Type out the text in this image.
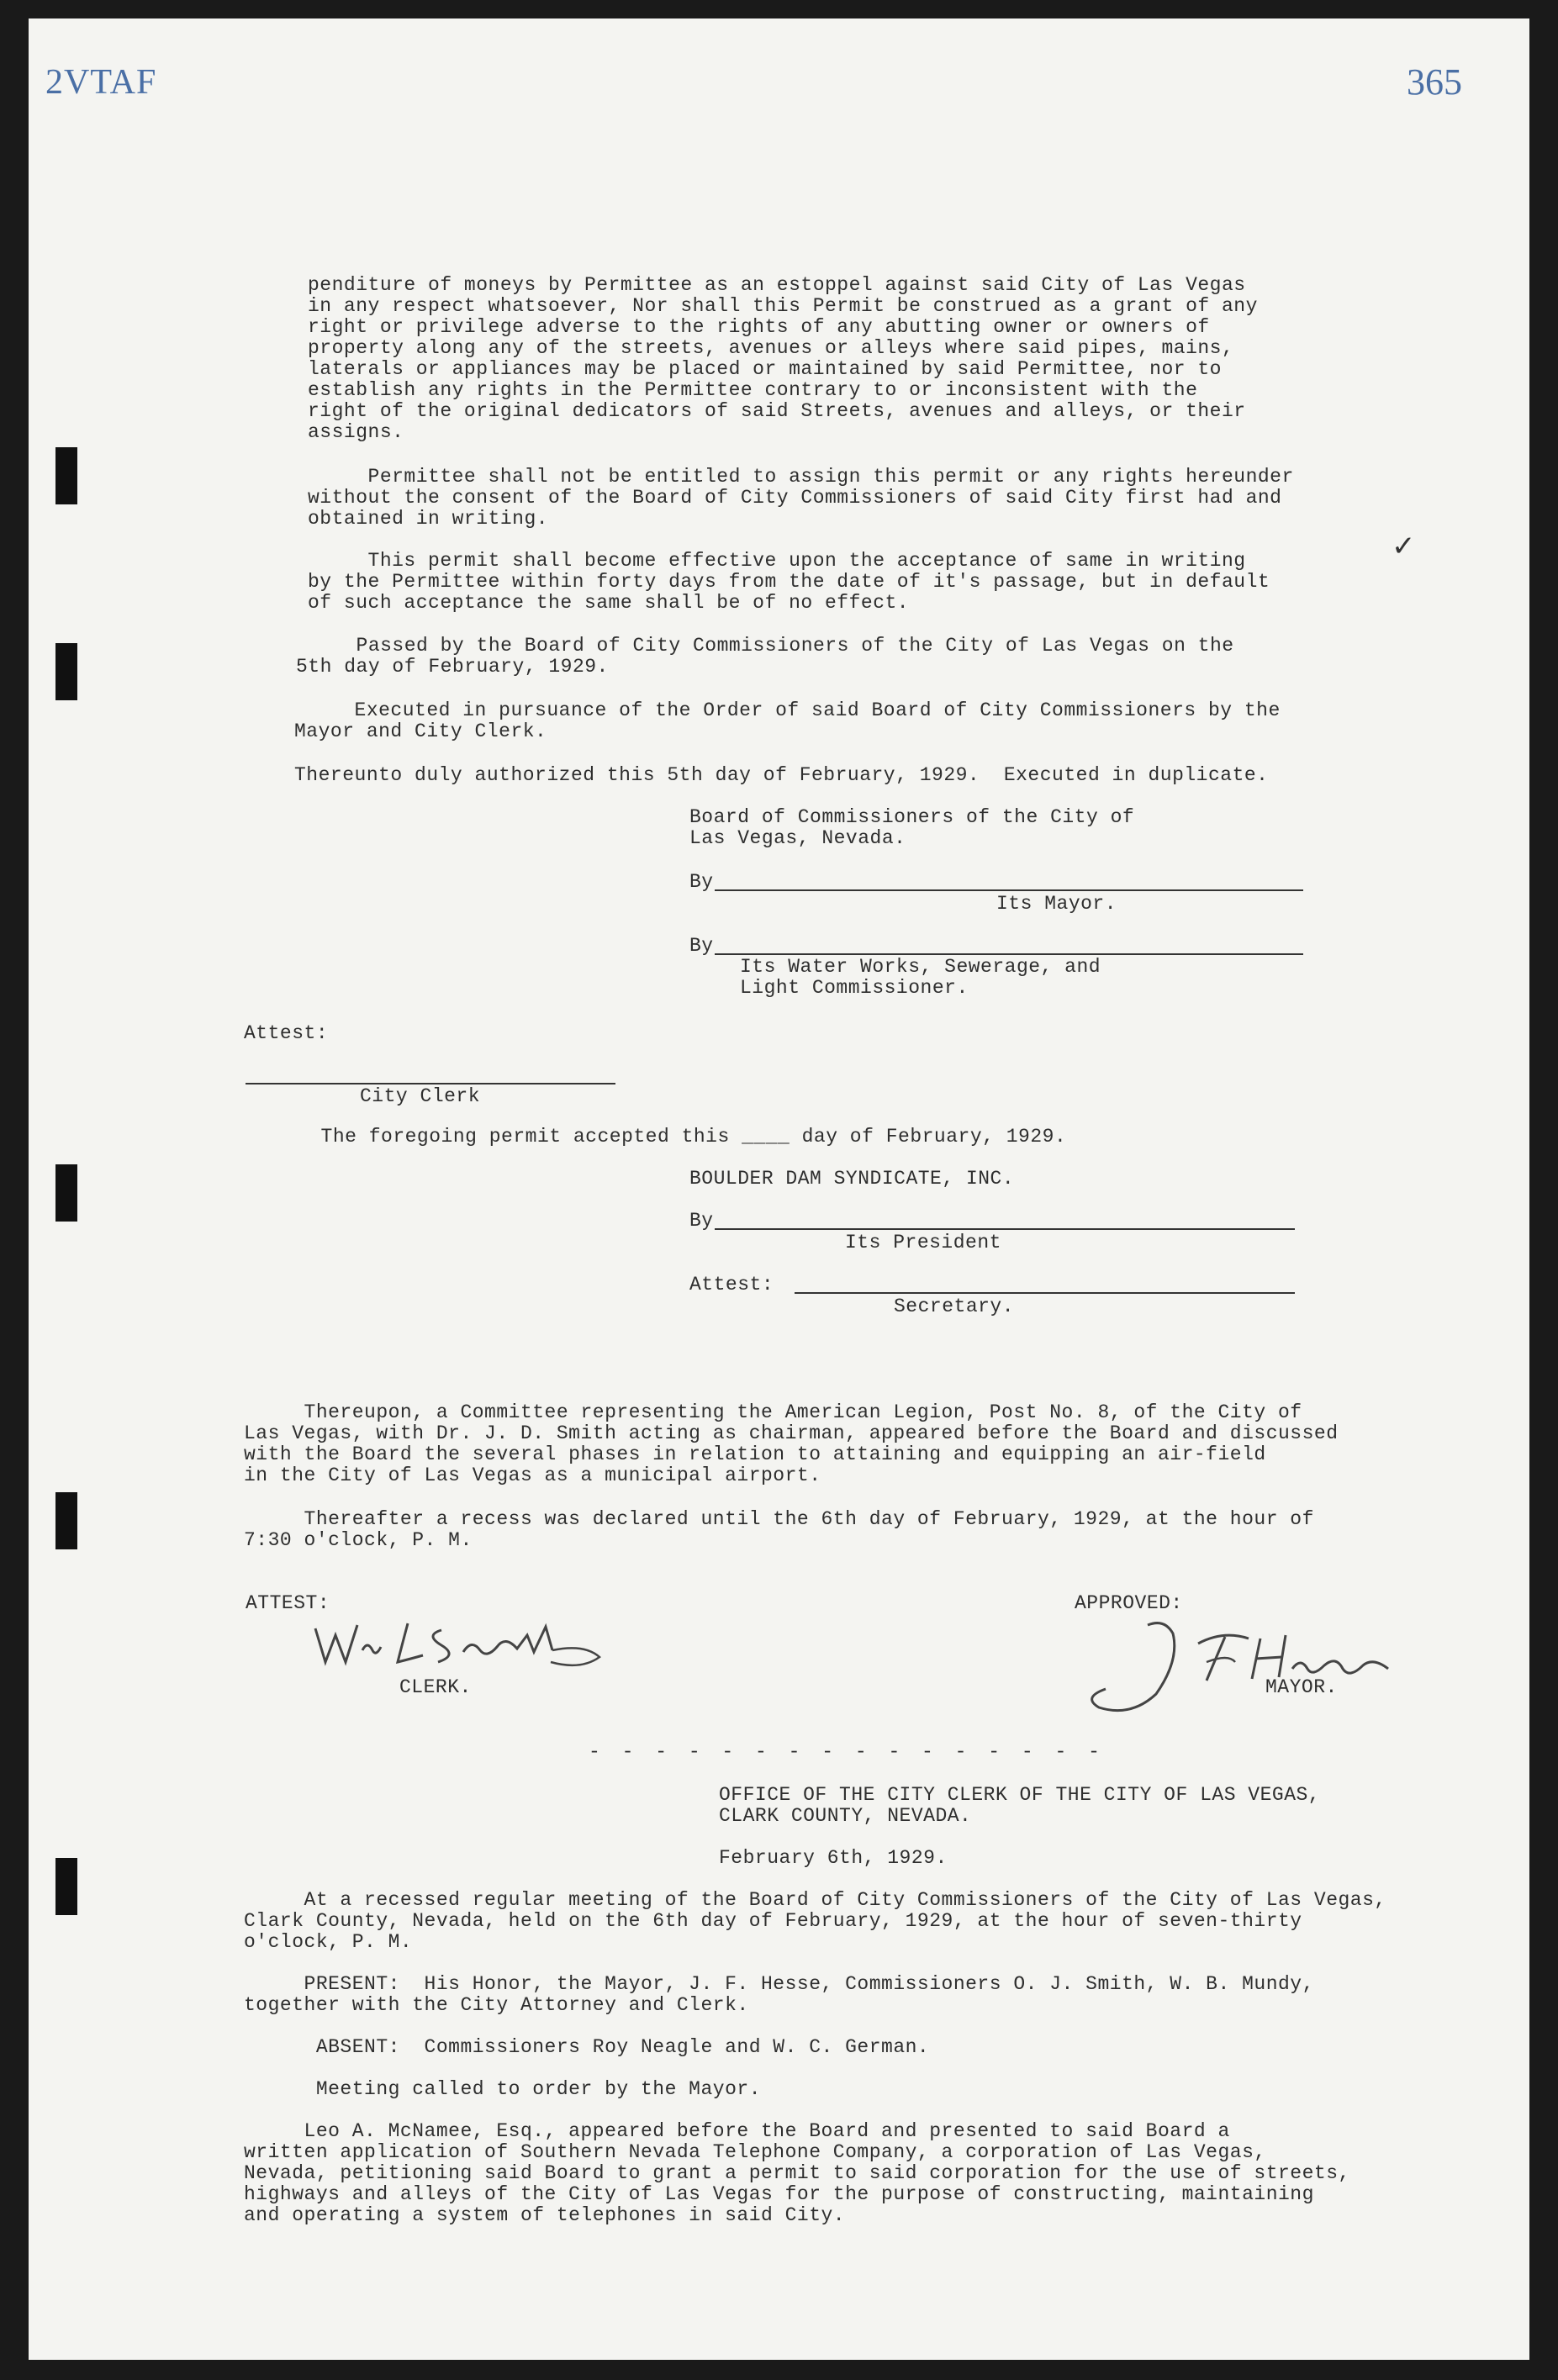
2VTAF	365
penditure of moneys by Permittee as an estoppel against said City of Las Vegas
in any respect whatsoever, Nor shall this Permit be construed as a grant of any
right or privilege adverse to the rights of any abutting owner or owners of
property along any of the streets, avenues or alleys where said pipes, mains,
laterals or appliances may be placed or maintained by said Permittee, nor to
establish any rights in the Permittee contrary to or inconsistent with the
right of the original dedicators of said Streets, avenues and alleys, or their
assigns.
Permittee shall not be entitled to assign this permit or any rights hereunder
without the consent of the Board of City Commissioners of said City first had and
obtained in writing.
✓
This permit shall become effective upon the acceptance of same in writing
by the Permittee within forty days from the date of it's passage, but in default
of such acceptance the same shall be of no effect.
Passed by the Board of City Commissioners of the City of Las Vegas on the
5th day of February, 1929.
Executed in pursuance of the Order of said Board of City Commissioners by the
Mayor and City Clerk.
Thereunto duly authorized this 5th day of February, 1929.  Executed in duplicate.
Board of Commissioners of the City of
Las Vegas, Nevada.
By
Its Mayor.
By
Its Water Works, Sewerage, and
Light Commissioner.
Attest:
City Clerk
The foregoing permit accepted this ____ day of February, 1929.
BOULDER DAM SYNDICATE, INC.
By
Its President
Attest:
Secretary.
Thereupon, a Committee representing the American Legion, Post No. 8, of the City of
Las Vegas, with Dr. J. D. Smith acting as chairman, appeared before the Board and discussed
with the Board the several phases in relation to attaining and equipping an air-field
in the City of Las Vegas as a municipal airport.
Thereafter a recess was declared until the 6th day of February, 1929, at the hour of
7:30 o'clock, P. M.
ATTEST:	APPROVED:
CLERK.	MAYOR.
- - - - - - - - - - - - - - - -
OFFICE OF THE CITY CLERK OF THE CITY OF LAS VEGAS,
CLARK COUNTY, NEVADA.
February 6th, 1929.
At a recessed regular meeting of the Board of City Commissioners of the City of Las Vegas,
Clark County, Nevada, held on the 6th day of February, 1929, at the hour of seven-thirty
o'clock, P. M.
PRESENT:  His Honor, the Mayor, J. F. Hesse, Commissioners O. J. Smith, W. B. Mundy,
together with the City Attorney and Clerk.
ABSENT:  Commissioners Roy Neagle and W. C. German.
Meeting called to order by the Mayor.
Leo A. McNamee, Esq., appeared before the Board and presented to said Board a
written application of Southern Nevada Telephone Company, a corporation of Las Vegas,
Nevada, petitioning said Board to grant a permit to said corporation for the use of streets,
highways and alleys of the City of Las Vegas for the purpose of constructing, maintaining
and operating a system of telephones in said City.
